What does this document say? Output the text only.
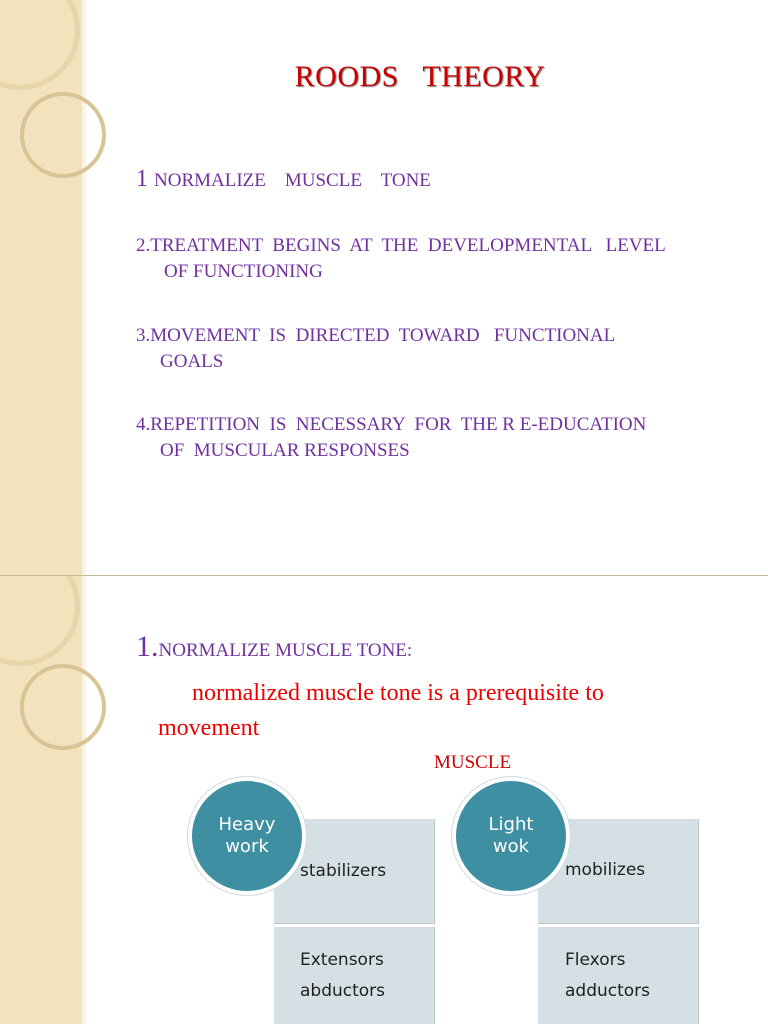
ROODS   THEORY
1 NORMALIZE    MUSCLE    TONE
2.TREATMENT  BEGINS  AT  THE  DEVELOPMENTAL   LEVEL
OF FUNCTIONING
3.MOVEMENT  IS  DIRECTED  TOWARD   FUNCTIONAL
GOALS
4.REPETITION  IS  NECESSARY  FOR  THE R E-EDUCATION
OF  MUSCULAR RESPONSES
1.NORMALIZE MUSCLE TONE:
normalized muscle tone is a prerequisite to
movement
MUSCLE
stabilizers
Extensors
abductors
Heavy
work
mobilizes
Flexors
adductors
Light
wok
